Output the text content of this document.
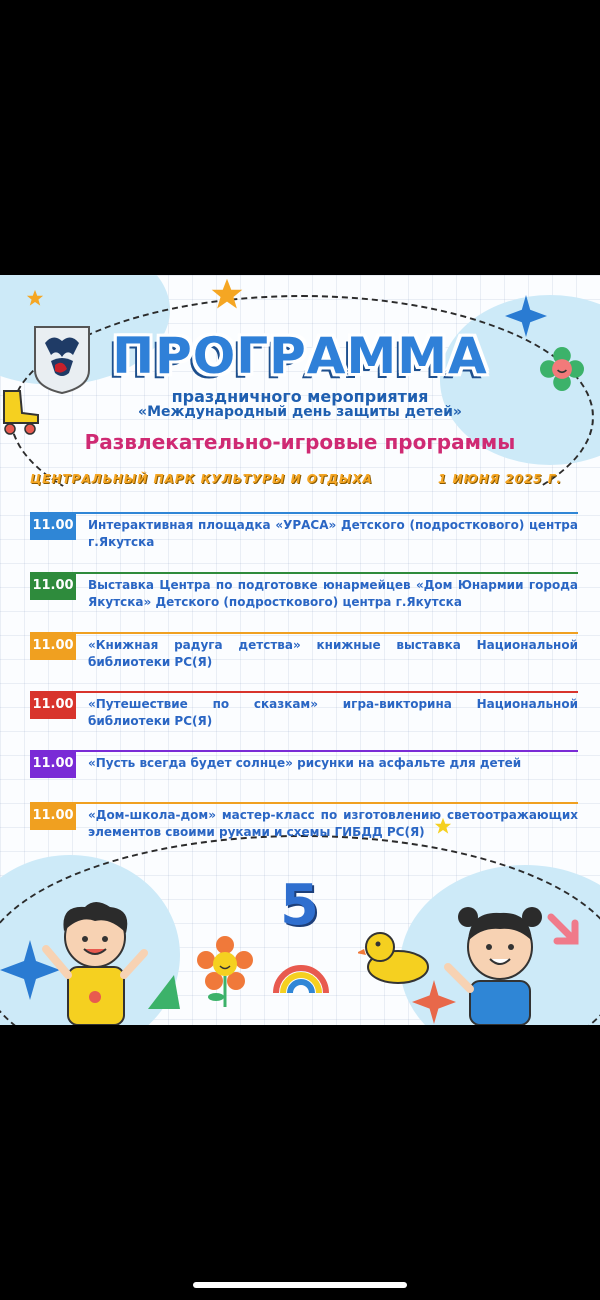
ПРОГРАММА
праздничного мероприятия
«Международный день защиты детей»
Развлекательно-игровые программы
ЦЕНТРАЛЬНЫЙ ПАРК КУЛЬТУРЫ И ОТДЫХА	1 ИЮНЯ 2025 Г.
11.00 Интерактивная площадка «УРАСА» Детского (подросткового) центра г.Якутска
11.00 Выставка Центра по подготовке юнармейцев «Дом Юнармии города Якутска» Детского (подросткового) центра г.Якутска
11.00 «Книжная радуга детства» книжные выставка Национальной библиотеки РС(Я)
11.00 «Путешествие по сказкам» игра-викторина Национальной библиотеки РС(Я)
11.00 «Пусть всегда будет солнце» рисунки на асфальте для детей
11.00 «Дом-школа-дом» мастер-класс по изготовлению светоотражающих элементов своими руками и схемы ГИБДД РС(Я)
5
